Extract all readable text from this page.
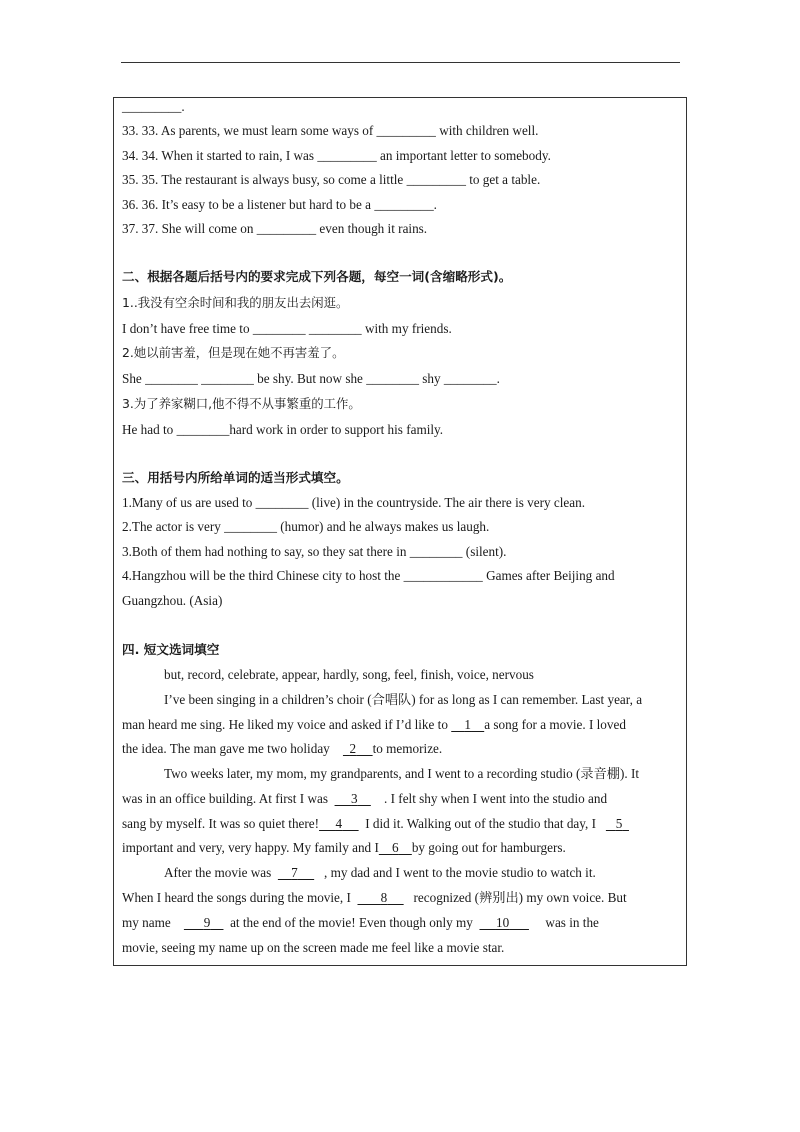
_________.
33. 33. As parents, we must learn some ways of _________ with children well.
34. 34. When it started to rain, I was _________ an important letter to somebody.
35. 35. The restaurant is always busy, so come a little _________ to get a table.
36. 36. It’s easy to be a listener but hard to be a _________.
37. 37. She will come on _________ even though it rains.
二、根据各题后括号内的要求完成下列各题，每空一词(含缩略形式)。
1..我没有空余时间和我的朋友出去闲逛。
I don’t have free time to ________ ________ with my friends.
2.她以前害羞，但是现在她不再害羞了。
She ________ ________ be shy. But now she ________ shy ________.
3.为了养家糊口,他不得不从事繁重的工作。
He had to ________hard work in order to support his family.
三、用括号内所给单词的适当形式填空。
1.Many of us are used to ________ (live) in the countryside. The air there is very clean.
2.The actor is very ________ (humor) and he always makes us laugh.
3.Both of them had nothing to say, so they sat there in ________ (silent).
4.Hangzhou will be the third Chinese city to host the ____________ Games after Beijing and
Guangzhou. (Asia)
四. 短文选词填空
but, record, celebrate, appear, hardly, song, feel, finish, voice, nervous
I’ve been singing in a children’s choir (合唱队) for as long as I can remember. Last year, a
man heard me sing. He liked my voice and asked if I’d like to 1 a song for a movie. I loved
the idea. The man gave me two holiday 2 to memorize.
Two weeks later, my mom, my grandparents, and I went to a recording studio (录音棚). It
was in an office building. At first I was 3 . I felt shy when I went into the studio and
sang by myself. It was so quiet there! 4 I did it. Walking out of the studio that day, I 5
important and very, very happy. My family and I 6 by going out for hamburgers.
After the movie was 7 , my dad and I went to the movie studio to watch it.
When I heard the songs during the movie, I 8 recognized (辨别出) my own voice. But
my name 9 at the end of the movie! Even though only my 10	was in the
movie, seeing my name up on the screen made me feel like a movie star.
